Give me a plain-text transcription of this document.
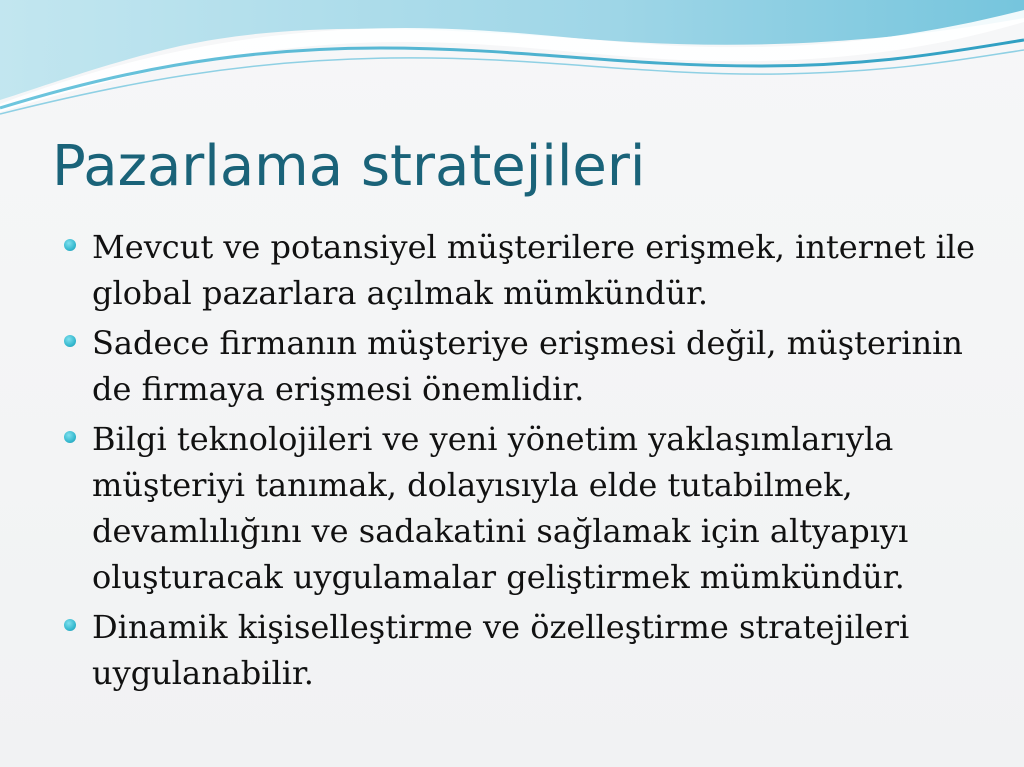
Pazarlama stratejileri
Mevcut ve potansiyel müşterilere erişmek, internet ile
global pazarlara açılmak mümkündür.
Sadece firmanın müşteriye erişmesi değil, müşterinin
de firmaya erişmesi önemlidir.
Bilgi teknolojileri ve yeni yönetim yaklaşımlarıyla
müşteriyi tanımak, dolayısıyla elde tutabilmek,
devamlılığını ve sadakatini sağlamak için altyapıyı
oluşturacak uygulamalar geliştirmek mümkündür.
Dinamik kişiselleştirme ve özelleştirme stratejileri
uygulanabilir.
